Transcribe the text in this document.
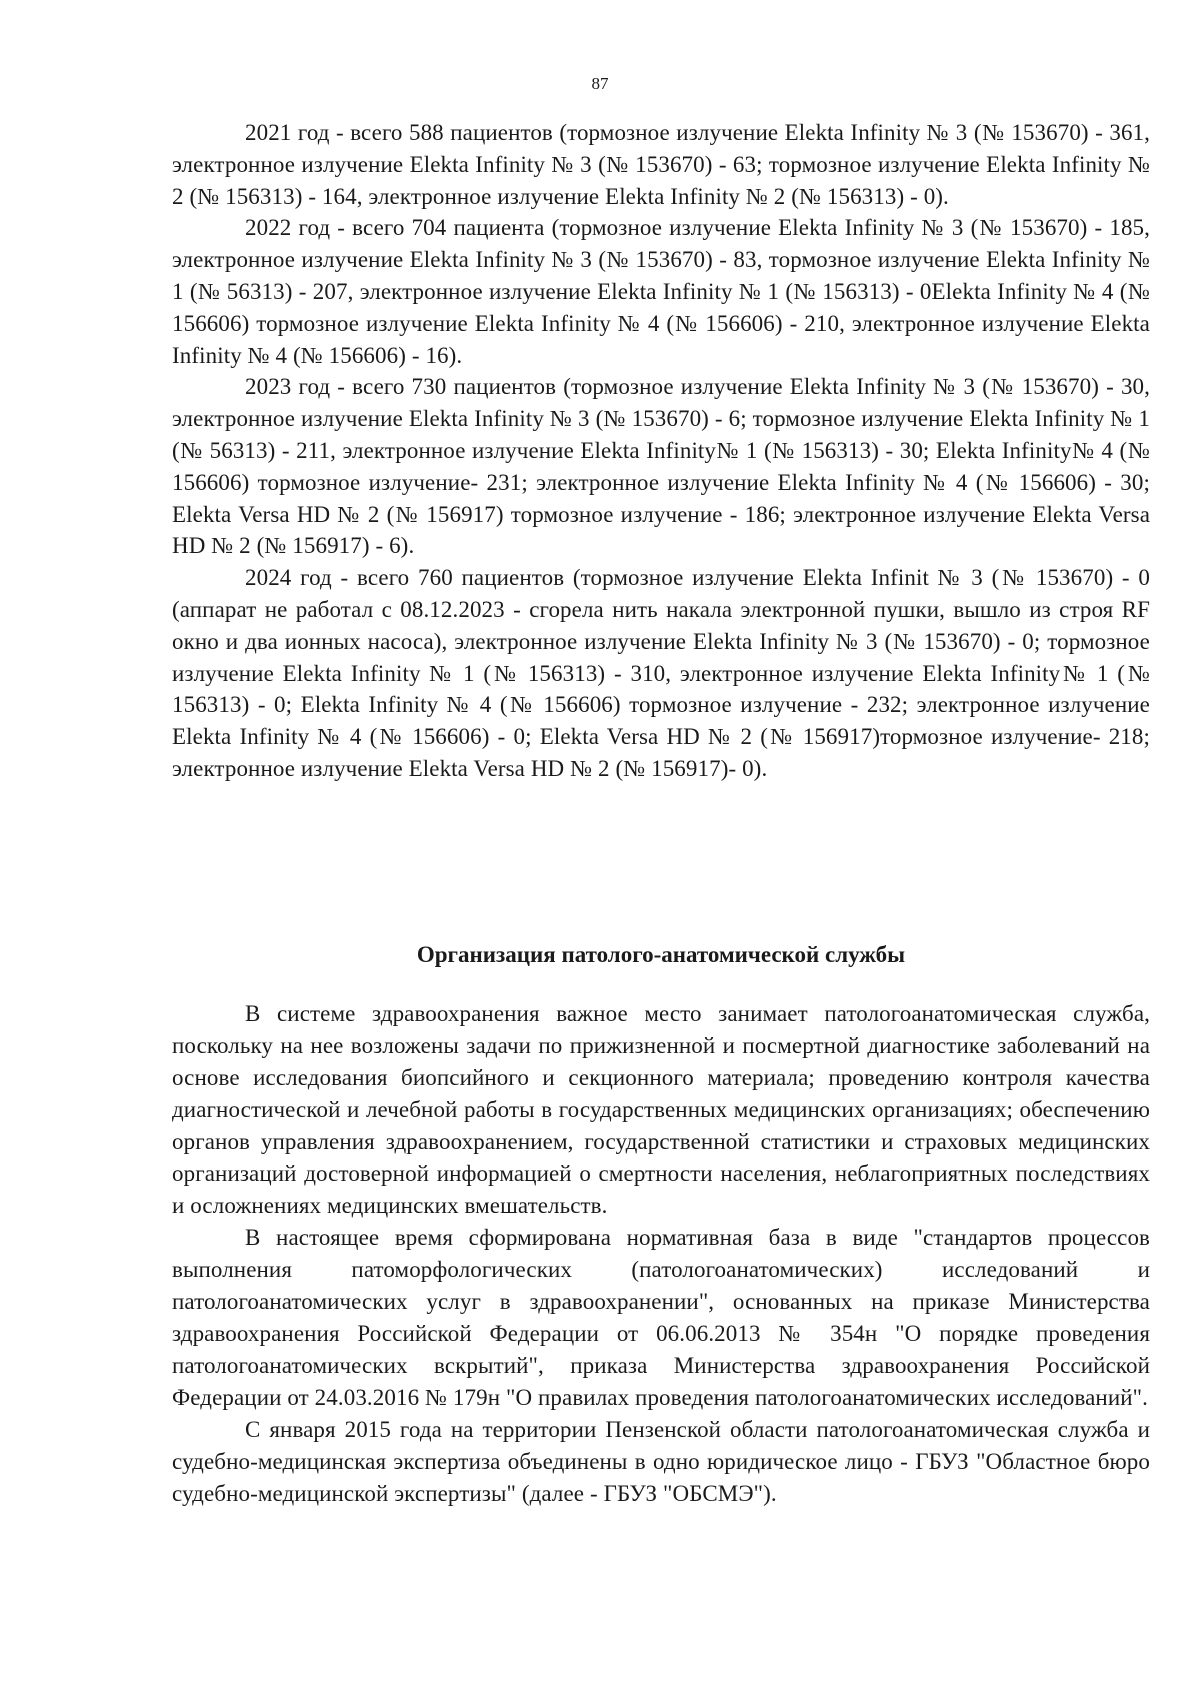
87

2021 год - всего 588 пациентов (тормозное излучение Elekta Infinity № 3 (№ 153670) - 361, электронное излучение Elekta Infinity № 3 (№ 153670) - 63; тормозное излучение Elekta Infinity № 2 (№ 156313) - 164, электронное излучение Elekta Infinity № 2 (№ 156313) - 0).

2022 год - всего 704 пациента (тормозное излучение Elekta Infinity № 3 (№ 153670) - 185, электронное излучение Elekta Infinity № 3 (№ 153670) - 83, тормозное излучение Elekta Infinity № 1 (№ 56313) - 207, электронное излучение Elekta Infinity № 1 (№ 156313) - 0Elekta Infinity № 4 (№ 156606) тормозное излучение Elekta Infinity № 4 (№ 156606) - 210, электронное излучение Elekta Infinity № 4 (№ 156606) - 16).

2023 год - всего 730 пациентов (тормозное излучение Elekta Infinity № 3 (№ 153670) - 30, электронное излучение Elekta Infinity № 3 (№ 153670) - 6; тормозное излучение Elekta Infinity № 1 (№ 56313) - 211, электронное излучение Elekta Infinity№ 1 (№ 156313) - 30; Elekta Infinity№ 4 (№ 156606) тормозное излучение- 231; электронное излучение Elekta Infinity № 4 (№ 156606) - 30; Elekta Versa HD № 2 (№ 156917) тормозное излучение - 186; электронное излучение Elekta Versa HD № 2 (№ 156917) - 6).

2024 год - всего 760 пациентов (тормозное излучение Elekta Infinit № 3 (№ 153670) - 0 (аппарат не работал с 08.12.2023 - сгорела нить накала электронной пушки, вышло из строя RF окно и два ионных насоса), электронное излучение Elekta Infinity № 3 (№ 153670) - 0; тормозное излучение Elekta Infinity № 1 (№ 156313) - 310, электронное излучение Elekta Infinity№ 1 (№ 156313) - 0; Elekta Infinity № 4 (№ 156606) тормозное излучение - 232; электронное излучение Elekta Infinity № 4 (№ 156606) - 0; Elekta Versa HD № 2 (№ 156917)тормозное излучение- 218; электронное излучение Elekta Versa HD № 2 (№ 156917)- 0).

Организация патолого-анатомической службы

В системе здравоохранения важное место занимает патологоанатомическая служба, поскольку на нее возложены задачи по прижизненной и посмертной диагностике заболеваний на основе исследования биопсийного и секционного материала; проведению контроля качества диагностической и лечебной работы в государственных медицинских организациях; обеспечению органов управления здравоохранением, государственной статистики и страховых медицинских организаций достоверной информацией о смертности населения, неблагоприятных последствиях и осложнениях медицинских вмешательств.

В настоящее время сформирована нормативная база в виде "стандартов процессов выполнения патоморфологических (патологоанатомических) исследований и патологоанатомических услуг в здравоохранении", основанных на приказе Министерства здравоохранения Российской Федерации от 06.06.2013 № 354н "О порядке проведения патологоанатомических вскрытий", приказа Министерства здравоохранения Российской Федерации от 24.03.2016 № 179н "О правилах проведения патологоанатомических исследований".

С января 2015 года на территории Пензенской области патологоанатомическая служба и судебно-медицинская экспертиза объединены в одно юридическое лицо - ГБУЗ "Областное бюро судебно-медицинской экспертизы" (далее - ГБУЗ "ОБСМЭ").
